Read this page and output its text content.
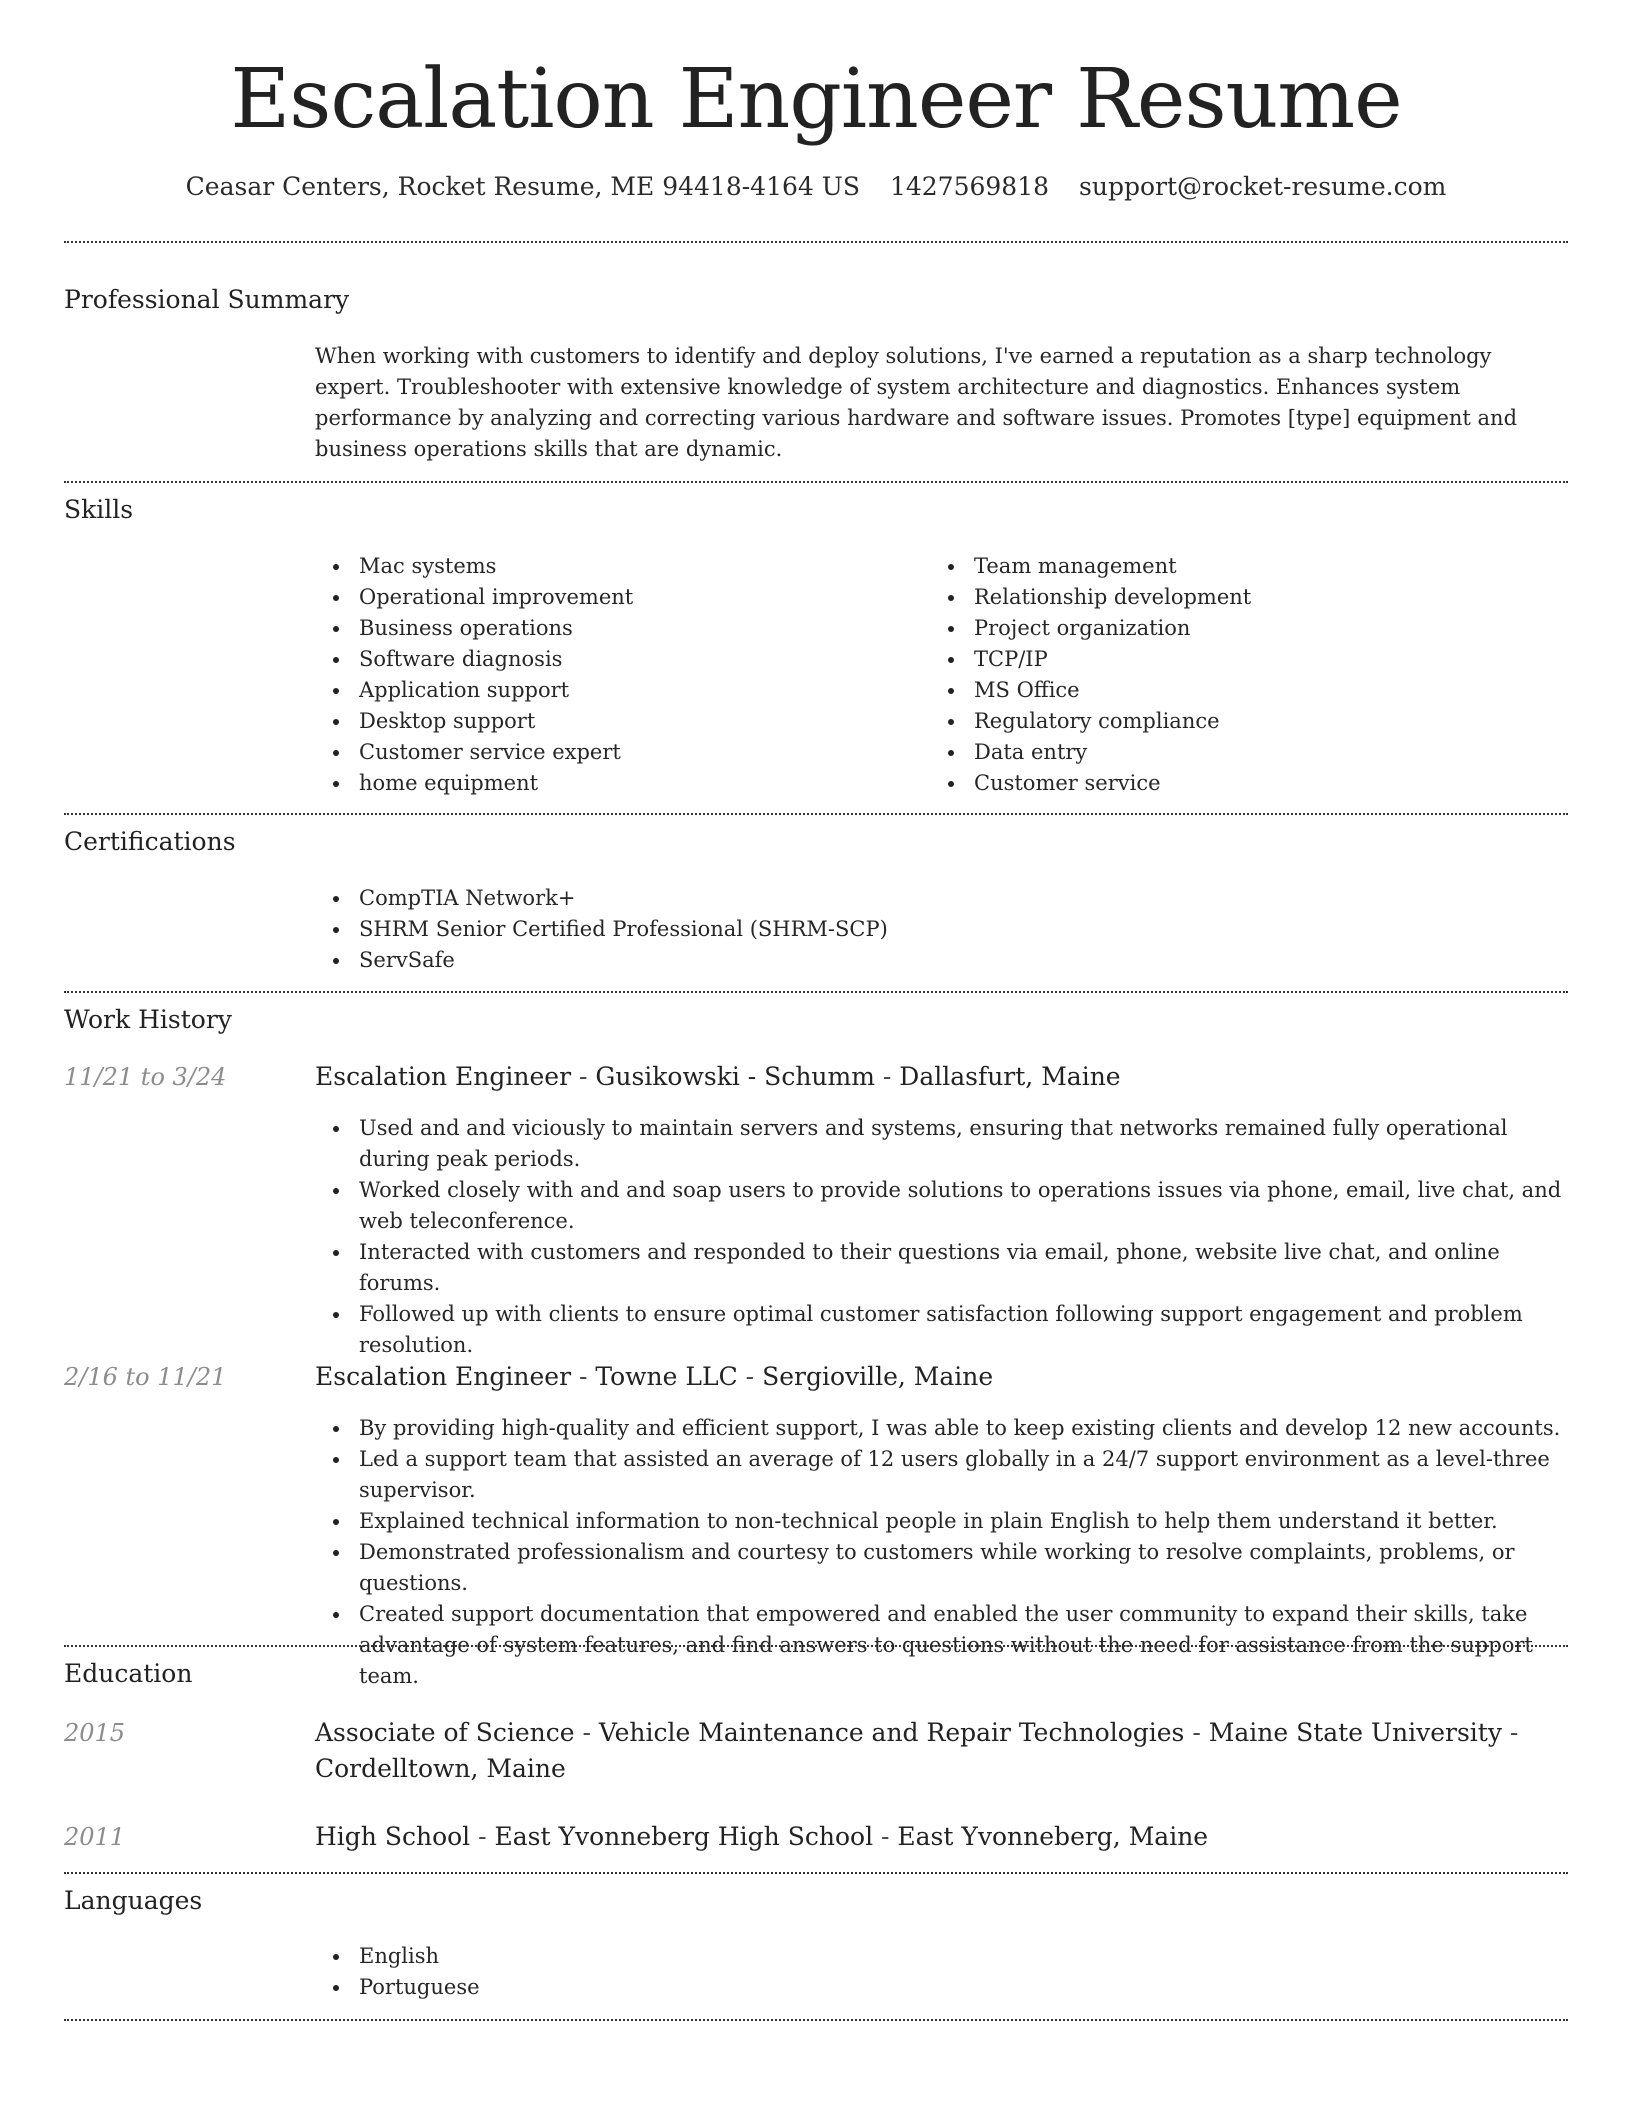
Escalation Engineer Resume
Ceasar Centers, Rocket Resume, ME 94418-4164 US 1427569818 support@rocket-resume.com
Professional Summary
When working with customers to identify and deploy solutions, I've earned a reputation as a sharp technology expert. Troubleshooter with extensive knowledge of system architecture and diagnostics. Enhances system performance by analyzing and correcting various hardware and software issues. Promotes [type] equipment and business operations skills that are dynamic.
Skills
Mac systems
Operational improvement
Business operations
Software diagnosis
Application support
Desktop support
Customer service expert
home equipment
Team management
Relationship development
Project organization
TCP/IP
MS Office
Regulatory compliance
Data entry
Customer service
Certifications
CompTIA Network+
SHRM Senior Certified Professional (SHRM-SCP)
ServSafe
Work History
11/21 to 3/24	Escalation Engineer - Gusikowski - Schumm - Dallasfurt, Maine
Used and and viciously to maintain servers and systems, ensuring that networks remained fully operational during peak periods.
Worked closely with and and soap users to provide solutions to operations issues via phone, email, live chat, and web teleconference.
Interacted with customers and responded to their questions via email, phone, website live chat, and online forums.
Followed up with clients to ensure optimal customer satisfaction following support engagement and problem resolution.
2/16 to 11/21	Escalation Engineer - Towne LLC - Sergioville, Maine
By providing high-quality and efficient support, I was able to keep existing clients and develop 12 new accounts.
Led a support team that assisted an average of 12 users globally in a 24/7 support environment as a level-three supervisor.
Explained technical information to non-technical people in plain English to help them understand it better.
Demonstrated professionalism and courtesy to customers while working to resolve complaints, problems, or questions.
Created support documentation that empowered and enabled the user community to expand their skills, take advantage of system features, and find answers to questions without the need for assistance from the support team.
Education
2015	Associate of Science - Vehicle Maintenance and Repair Technologies - Maine State University - Cordelltown, Maine
2011	High School - East Yvonneberg High School - East Yvonneberg, Maine
Languages
English
Portuguese
